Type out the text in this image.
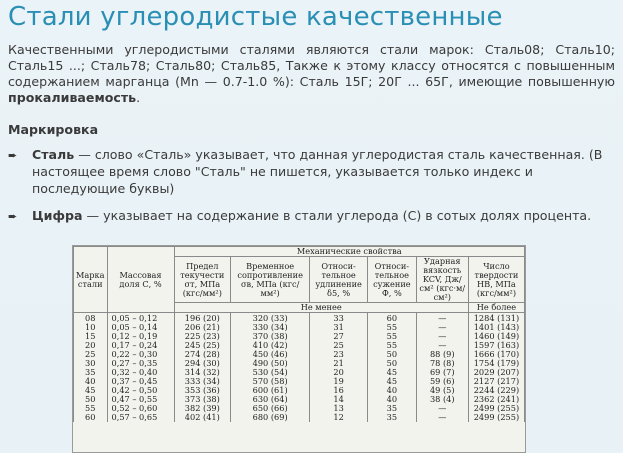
Стали углеродистые качественные
Качественными углеродистыми сталями являются стали марок: Сталь08; Сталь10; Сталь15 ...; Сталь78; Сталь80; Сталь85, Также к этому классу относятся с повышенным содержанием марганца (Mn — 0.7-1.0 %): Сталь 15Г; 20Г ... 65Г, имеющие повышенную прокаливаемость.
Маркировка
➨ Сталь — слово «Сталь» указывает, что данная углеродистая сталь качественная. (В настоящее время слово "Сталь" не пишется, указывается только индекс и последующие буквы)
➨ Цифра — указывает на содержание в стали углерода (С) в сотых долях процента.
Марка стали	Массовая доля С, %	Механические свойства					
		Предел текучести σт, МПа (кгс/мм²)	Временное сопротивление σв, МПа (кгс/мм²)	Относи-тельное удлинение δ5, %	Относи-тельное сужение Ф, %	Ударная вязкость KCV, Дж/см² (кгс·м/см²)	Число твердости HB, МПа (кгс/мм²)
		Не менее					Не более
08	0,05 – 0,12	196 (20)	320 (33)	33	60	—	1284 (131)
10	0,05 – 0,14	206 (21)	330 (34)	31	55	—	1401 (143)
15	0,12 – 0,19	225 (23)	370 (38)	27	55	—	1460 (149)
20	0,17 – 0,24	245 (25)	410 (42)	25	55	—	1597 (163)
25	0,22 – 0,30	274 (28)	450 (46)	23	50	88 (9)	1666 (170)
30	0,27 – 0,35	294 (30)	490 (50)	21	50	78 (8)	1754 (179)
35	0,32 – 0,40	314 (32)	530 (54)	20	45	69 (7)	2029 (207)
40	0,37 – 0,45	333 (34)	570 (58)	19	45	59 (6)	2127 (217)
45	0,42 – 0,50	353 (36)	600 (61)	16	40	49 (5)	2244 (229)
50	0,47 – 0,55	373 (38)	630 (64)	14	40	38 (4)	2362 (241)
55	0,52 – 0,60	382 (39)	650 (66)	13	35	—	2499 (255)
60	0,57 – 0,65	402 (41)	680 (69)	12	35	—	2499 (255)
